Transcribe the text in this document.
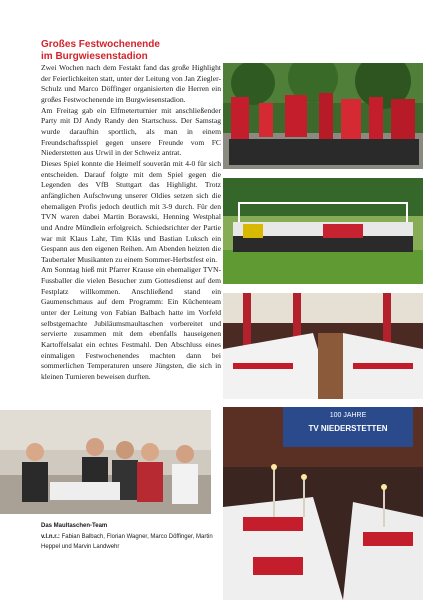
Großes Festwochenende
im Burgwiesenstadion

Zwei Wochen nach dem Festakt fand das große Highlight der Feierlichkeiten statt, unter der Leitung von Jan Ziegler-Schulz und Marco Döffinger organisierten die Herren ein großes Festwochenende im Burgwiesenstadion.

Am Freitag gab ein Elfmeterturnier mit anschließender Party mit DJ Andy Randy den Startschuss. Der Samstag wurde daraufhin sportlich, als man in einem Freundschaftsspiel gegen unsere Freunde vom FC Niederstetten aus Urwil in der Schweiz antrat.

Dieses Spiel konnte die Heimelf souverän mit 4-0 für sich entscheiden. Darauf folgte mit dem Spiel gegen die Legenden des VfB Stuttgart das Highlight. Trotz anfänglichen Aufschwung unserer Oldies setzen sich die ehemaligen Profis jedoch deutlich mit 3-9 durch. Für den TVN waren dabei Martin Borawski, Henning Westphal und Andre Mündlein erfolgreich. Schiedsrichter der Partie war mit Klaus Lahr, Tim Kläs und Bastian Luksch ein Gespann aus den eigenen Reihen. Am Abenden heizten die Taubertaler Musikanten zu einem Sommer-Herbstfest ein.

Am Sonntag hieß mit Pfarrer Krause ein ehemaliger TVN-Fussballer die vielen Besucher zum Gottesdienst auf dem Festplatz willkommen. Anschließend stand ein Gaumenschmaus auf dem Programm: Ein Küchenteam unter der Leitung von Fabian Balbach hatte im Vorfeld selbstgemachte Jubiläumsmaultaschen vorbereitet und servierte zusammen mit dem ebenfalls hauseigenen Kartoffelsalat ein echtes Festmahl. Den Abschluss eines einmaligen Festwochenendes machten dann bei sommerlichen Temperaturen unsere Jüngsten, die sich in kleinen Turnieren beweisen durften.

100 JAHRE
TV NIEDERSTETTEN
Das Maultaschen-Team
v.l.n.r.: Fabian Balbach, Florian Wagner, Marco Döffinger, Martin Heppel und Marvin Landwehr
